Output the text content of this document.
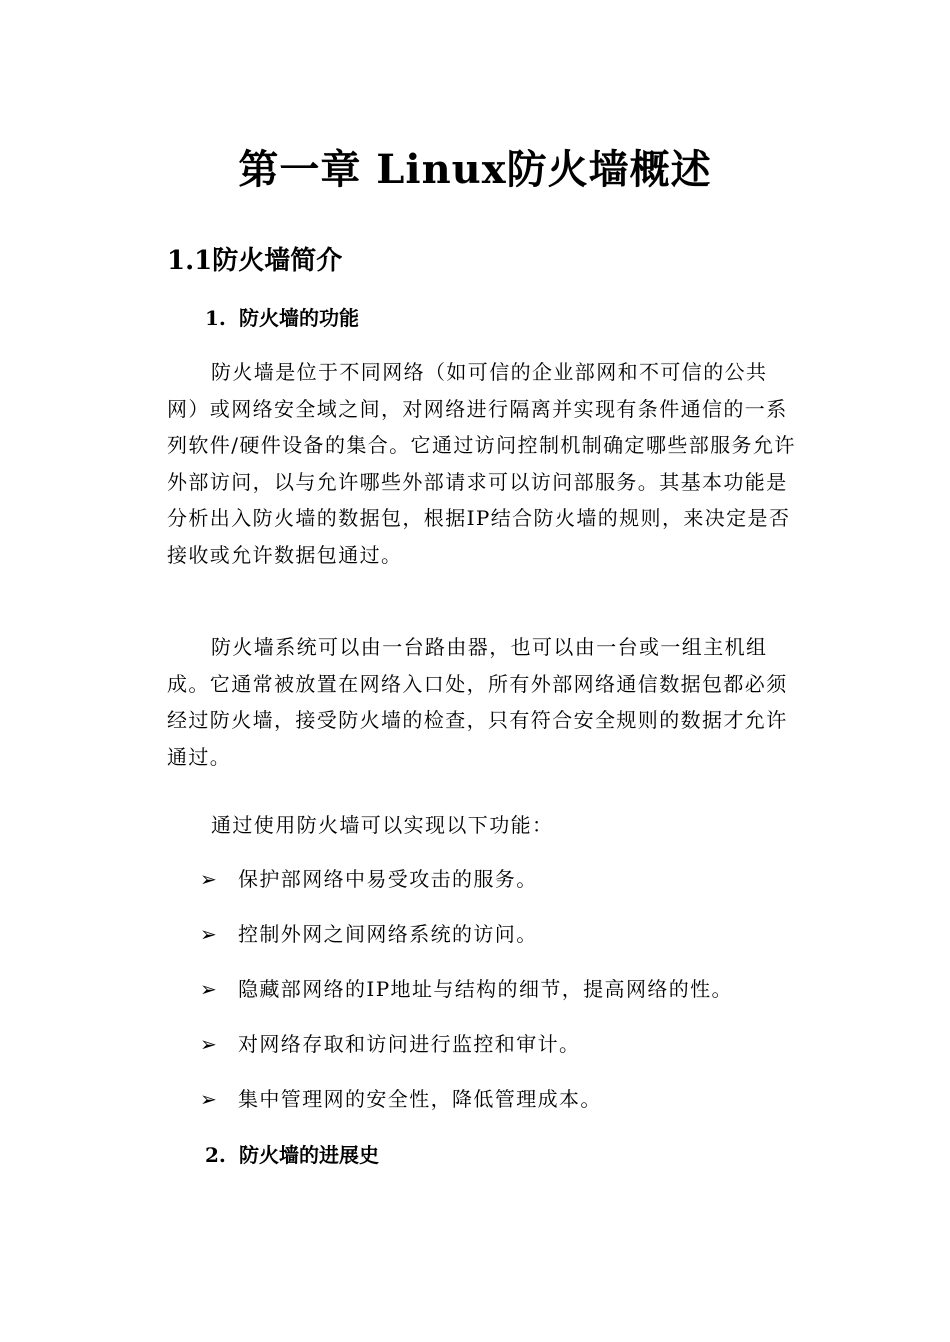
第一章 Linux防火墙概述
1.1防火墙简介
1. 防火墙的功能

防火墙是位于不同网络（如可信的企业部网和不可信的公共网）或网络安全域之间，对网络进行隔离并实现有条件通信的一系列软件/硬件设备的集合。它通过访问控制机制确定哪些部服务允许外部访问，以与允许哪些外部请求可以访问部服务。其基本功能是分析出入防火墙的数据包，根据IP结合防火墙的规则，来决定是否接收或允许数据包通过。

防火墙系统可以由一台路由器，也可以由一台或一组主机组成。它通常被放置在网络入口处，所有外部网络通信数据包都必须经过防火墙，接受防火墙的检查，只有符合安全规则的数据才允许通过。

通过使用防火墙可以实现以下功能：

➢ 保护部网络中易受攻击的服务。
➢ 控制外网之间网络系统的访问。
➢ 隐藏部网络的IP地址与结构的细节，提高网络的性。
➢ 对网络存取和访问进行监控和审计。
➢ 集中管理网的安全性，降低管理成本。
2. 防火墙的进展史
